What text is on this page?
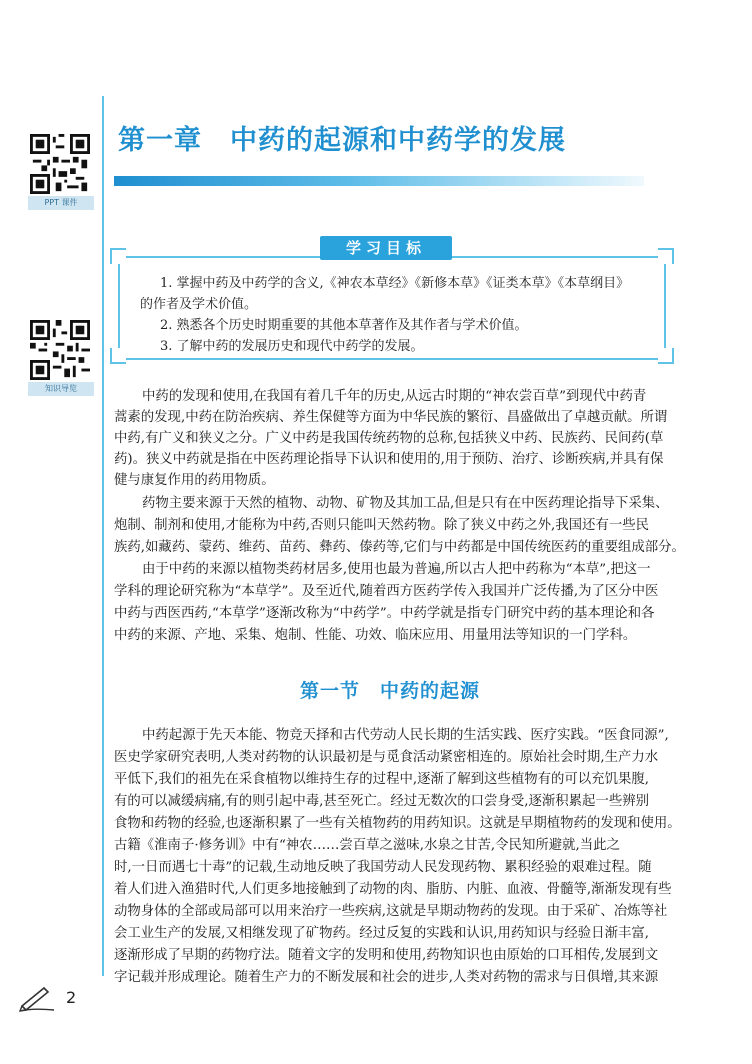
PPT 课件
知识导览
第一章 中药的起源和中药学的发展
学习目标
1. 掌握中药及中药学的含义,《神农本草经》《新修本草》《证类本草》《本草纲目》
的作者及学术价值。
2. 熟悉各个历史时期重要的其他本草著作及其作者与学术价值。
3. 了解中药的发展历史和现代中药学的发展。
中药的发现和使用,在我国有着几千年的历史,从远古时期的“神农尝百草”到现代中药青
蒿素的发现,中药在防治疾病、养生保健等方面为中华民族的繁衍、昌盛做出了卓越贡献。所谓
中药,有广义和狭义之分。广义中药是我国传统药物的总称,包括狭义中药、民族药、民间药(草
药)。狭义中药就是指在中医药理论指导下认识和使用的,用于预防、治疗、诊断疾病,并具有保
健与康复作用的药用物质。
药物主要来源于天然的植物、动物、矿物及其加工品,但是只有在中医药理论指导下采集、
炮制、制剂和使用,才能称为中药,否则只能叫天然药物。除了狭义中药之外,我国还有一些民
族药,如藏药、蒙药、维药、苗药、彝药、傣药等,它们与中药都是中国传统医药的重要组成部分。
由于中药的来源以植物类药材居多,使用也最为普遍,所以古人把中药称为“本草”,把这一
学科的理论研究称为“本草学”。及至近代,随着西方医药学传入我国并广泛传播,为了区分中医
中药与西医西药,“本草学”逐渐改称为“中药学”。中药学就是指专门研究中药的基本理论和各
中药的来源、产地、采集、炮制、性能、功效、临床应用、用量用法等知识的一门学科。
第一节 中药的起源
中药起源于先天本能、物竞天择和古代劳动人民长期的生活实践、医疗实践。“医食同源”,
医史学家研究表明,人类对药物的认识最初是与觅食活动紧密相连的。原始社会时期,生产力水
平低下,我们的祖先在采食植物以维持生存的过程中,逐渐了解到这些植物有的可以充饥果腹,
有的可以减缓病痛,有的则引起中毒,甚至死亡。经过无数次的口尝身受,逐渐积累起一些辨别
食物和药物的经验,也逐渐积累了一些有关植物药的用药知识。这就是早期植物药的发现和使用。
古籍《淮南子·修务训》中有“神农……尝百草之滋味,水泉之甘苦,令民知所避就,当此之
时,一日而遇七十毒”的记载,生动地反映了我国劳动人民发现药物、累积经验的艰难过程。随
着人们进入渔猎时代,人们更多地接触到了动物的肉、脂肪、内脏、血液、骨髓等,渐渐发现有些
动物身体的全部或局部可以用来治疗一些疾病,这就是早期动物药的发现。由于采矿、冶炼等社
会工业生产的发展,又相继发现了矿物药。经过反复的实践和认识,用药知识与经验日渐丰富,
逐渐形成了早期的药物疗法。随着文字的发明和使用,药物知识也由原始的口耳相传,发展到文
字记载并形成理论。随着生产力的不断发展和社会的进步,人类对药物的需求与日俱增,其来源
2
